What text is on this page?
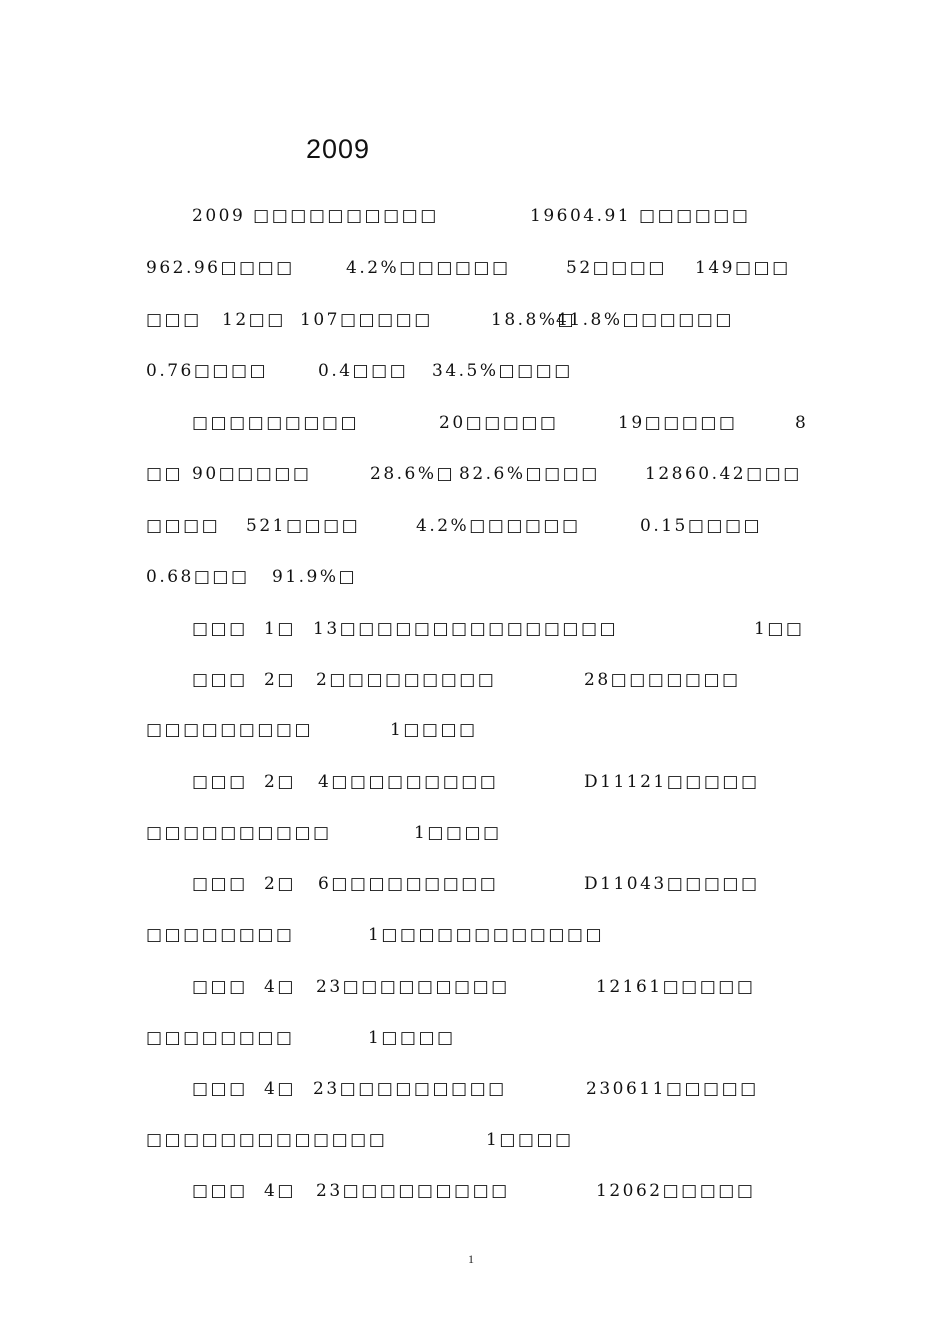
2009
2009 □□□□□□□□□□	19604.91 □□□□□□
962.96□□□□	4.2%□□□□□□	52□□□□ 149□□□
□□□ 12□□ 107□□□□□	18.8%□
41.8%□□□□□□
0.76□□□□	0.4□□□ 34.5%□□□□
□□□□□□□□□	20□□□□□	19□□□□□	8
□□ 90□□□□□	28.6%□ 82.6%□□□□	12860.42□□□
□□□□ 521□□□□	4.2%□□□□□□	0.15□□□□
0.68□□□ 91.9%□
□□□ 1□ 13□□□□□□□□□□□□□□□	1□□
□□□ 2□ 2□□□□□□□□□	28□□□□□□□
□□□□□□□□□	1□□□□
□□□ 2□ 4□□□□□□□□□	D11121□□□□□
□□□□□□□□□□	1□□□□
□□□ 2□ 6□□□□□□□□□	D11043□□□□□
□□□□□□□□	1□□□□□□□□□□□□
□□□ 4□ 23□□□□□□□□□	12161□□□□□
□□□□□□□□	1□□□□
□□□ 4□ 23□□□□□□□□□	230611□□□□□
□□□□□□□□□□□□□	1□□□□
□□□ 4□ 23□□□□□□□□□	12062□□□□□
1
